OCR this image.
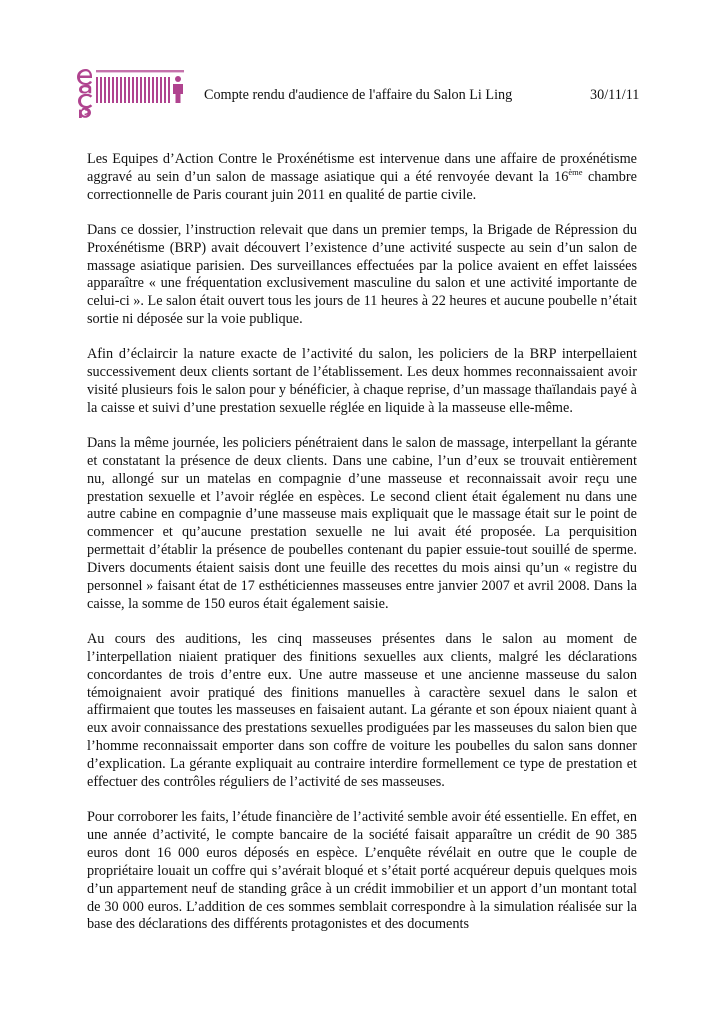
Compte rendu d'audience de l'affaire du Salon Li Ling	30/11/11

Les Equipes d’Action Contre le Proxénétisme est intervenue dans une affaire de proxénétisme aggravé au sein d’un salon de massage asiatique qui a été renvoyée devant la 16ème chambre correctionnelle de Paris courant juin 2011 en qualité de partie civile.

Dans ce dossier, l’instruction relevait que dans un premier temps, la Brigade de Répression du Proxénétisme (BRP) avait découvert l’existence d’une activité suspecte au sein d’un salon de massage asiatique parisien. Des surveillances effectuées par la police avaient en effet laissées apparaître « une fréquentation exclusivement masculine du salon et une activité importante de celui-ci ». Le salon était ouvert tous les jours de 11 heures à 22 heures et aucune poubelle n’était sortie ni déposée sur la voie publique.

Afin d’éclaircir la nature exacte de l’activité du salon, les policiers de la BRP interpellaient successivement deux clients sortant de l’établissement. Les deux hommes reconnaissaient avoir visité plusieurs fois le salon pour y bénéficier, à chaque reprise, d’un massage thaïlandais payé à la caisse et suivi d’une prestation sexuelle réglée en liquide à la masseuse elle-même.

Dans la même journée, les policiers pénétraient dans le salon de massage, interpellant la gérante et constatant la présence de deux clients. Dans une cabine, l’un d’eux se trouvait entièrement nu, allongé sur un matelas en compagnie d’une masseuse et reconnaissait avoir reçu une prestation sexuelle et l’avoir réglée en espèces. Le second client était également nu dans une autre cabine en compagnie d’une masseuse mais expliquait que le massage était sur le point de commencer et qu’aucune prestation sexuelle ne lui avait été proposée. La perquisition permettait d’établir la présence de poubelles contenant du papier essuie-tout souillé de sperme. Divers documents étaient saisis dont une feuille des recettes du mois ainsi qu’un « registre du personnel » faisant état de 17 esthéticiennes masseuses entre janvier 2007 et avril 2008. Dans la caisse, la somme de 150 euros était également saisie.

Au cours des auditions, les cinq masseuses présentes dans le salon au moment de l’interpellation niaient pratiquer des finitions sexuelles aux clients, malgré les déclarations concordantes de trois d’entre eux. Une autre masseuse et une ancienne masseuse du salon témoignaient avoir pratiqué des finitions manuelles à caractère sexuel dans le salon et affirmaient que toutes les masseuses en faisaient autant. La gérante et son époux niaient quant à eux avoir connaissance des prestations sexuelles prodiguées par les masseuses du salon bien que l’homme reconnaissait emporter dans son coffre de voiture les poubelles du salon sans donner d’explication. La gérante expliquait au contraire interdire formellement ce type de prestation et effectuer des contrôles réguliers de l’activité de ses masseuses.

Pour corroborer les faits, l’étude financière de l’activité semble avoir été essentielle. En effet, en une année d’activité, le compte bancaire de la société faisait apparaître un crédit de 90 385 euros dont 16 000 euros déposés en espèce. L’enquête révélait en outre que le couple de propriétaire louait un coffre qui s’avérait bloqué et s’était porté acquéreur depuis quelques mois d’un appartement neuf de standing grâce à un crédit immobilier et un apport d’un montant total de 30 000 euros. L’addition de ces sommes semblait correspondre à la simulation réalisée sur la base des déclarations des différents protagonistes et des documents
